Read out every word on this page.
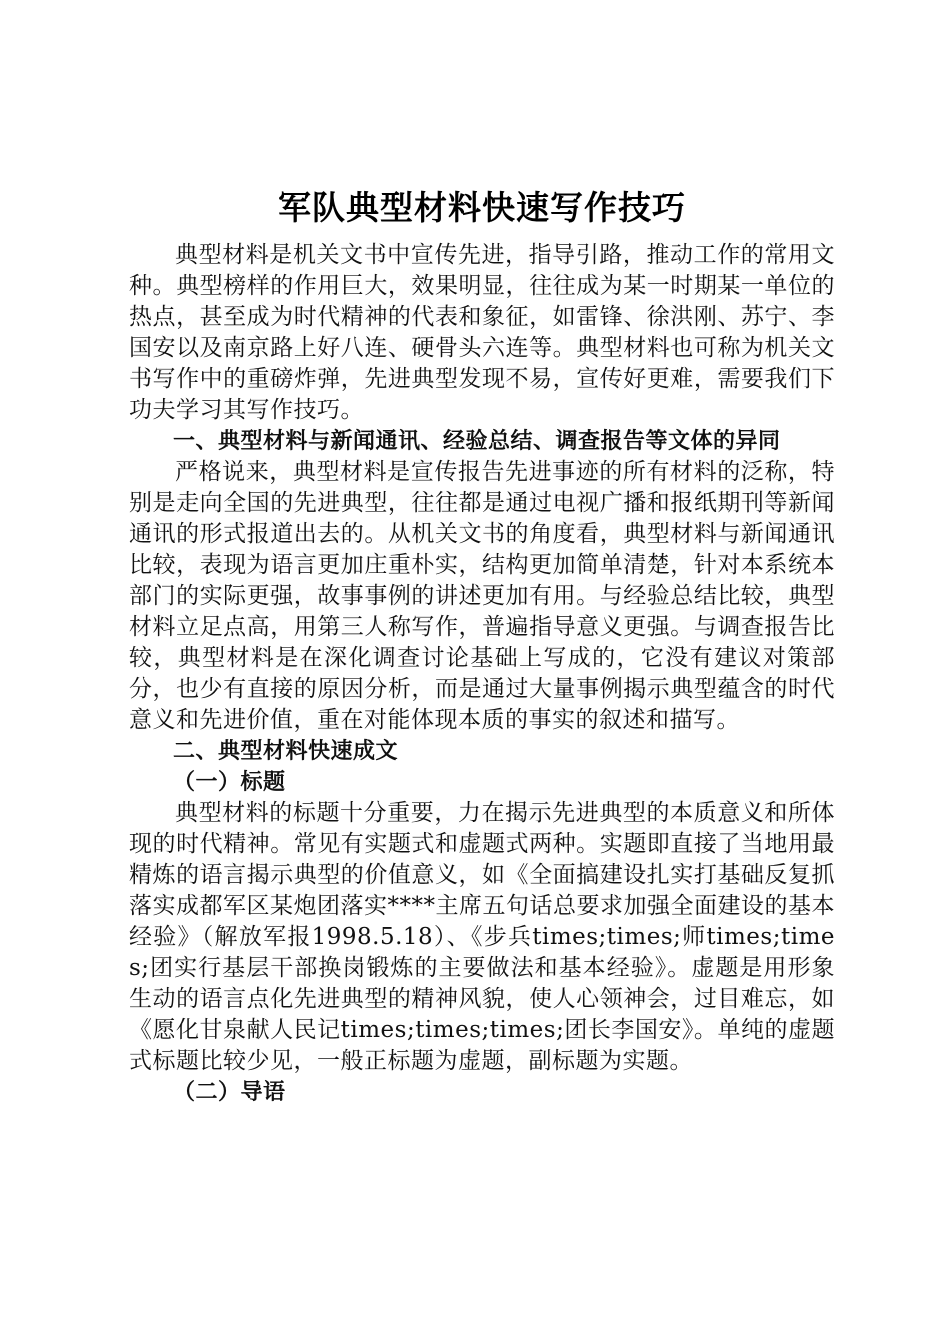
军队典型材料快速写作技巧

典型材料是机关文书中宣传先进，指导引路，推动工作的常用文种。典型榜样的作用巨大，效果明显，往往成为某一时期某一单位的热点，甚至成为时代精神的代表和象征，如雷锋、徐洪刚、苏宁、李国安以及南京路上好八连、硬骨头六连等。典型材料也可称为机关文书写作中的重磅炸弹，先进典型发现不易，宣传好更难，需要我们下功夫学习其写作技巧。

一、典型材料与新闻通讯、经验总结、调查报告等文体的异同

严格说来，典型材料是宣传报告先进事迹的所有材料的泛称，特别是走向全国的先进典型，往往都是通过电视广播和报纸期刊等新闻通讯的形式报道出去的。从机关文书的角度看，典型材料与新闻通讯比较，表现为语言更加庄重朴实，结构更加简单清楚，针对本系统本部门的实际更强，故事事例的讲述更加有用。与经验总结比较，典型材料立足点高，用第三人称写作，普遍指导意义更强。与调查报告比较，典型材料是在深化调查讨论基础上写成的，它没有建议对策部分，也少有直接的原因分析，而是通过大量事例揭示典型蕴含的时代意义和先进价值，重在对能体现本质的事实的叙述和描写。

二、典型材料快速成文

（一）标题

典型材料的标题十分重要，力在揭示先进典型的本质意义和所体现的时代精神。常见有实题式和虚题式两种。实题即直接了当地用最精炼的语言揭示典型的价值意义，如《全面搞建设扎实打基础反复抓落实成都军区某炮团落实****主席五句话总要求加强全面建设的基本经验》（解放军报1998.5.18）、《步兵times;times;师times;times;团实行基层干部换岗锻炼的主要做法和基本经验》。虚题是用形象生动的语言点化先进典型的精神风貌，使人心领神会，过目难忘，如《愿化甘泉献人民记times;times;times;团长李国安》。单纯的虚题式标题比较少见，一般正标题为虚题，副标题为实题。

（二）导语
